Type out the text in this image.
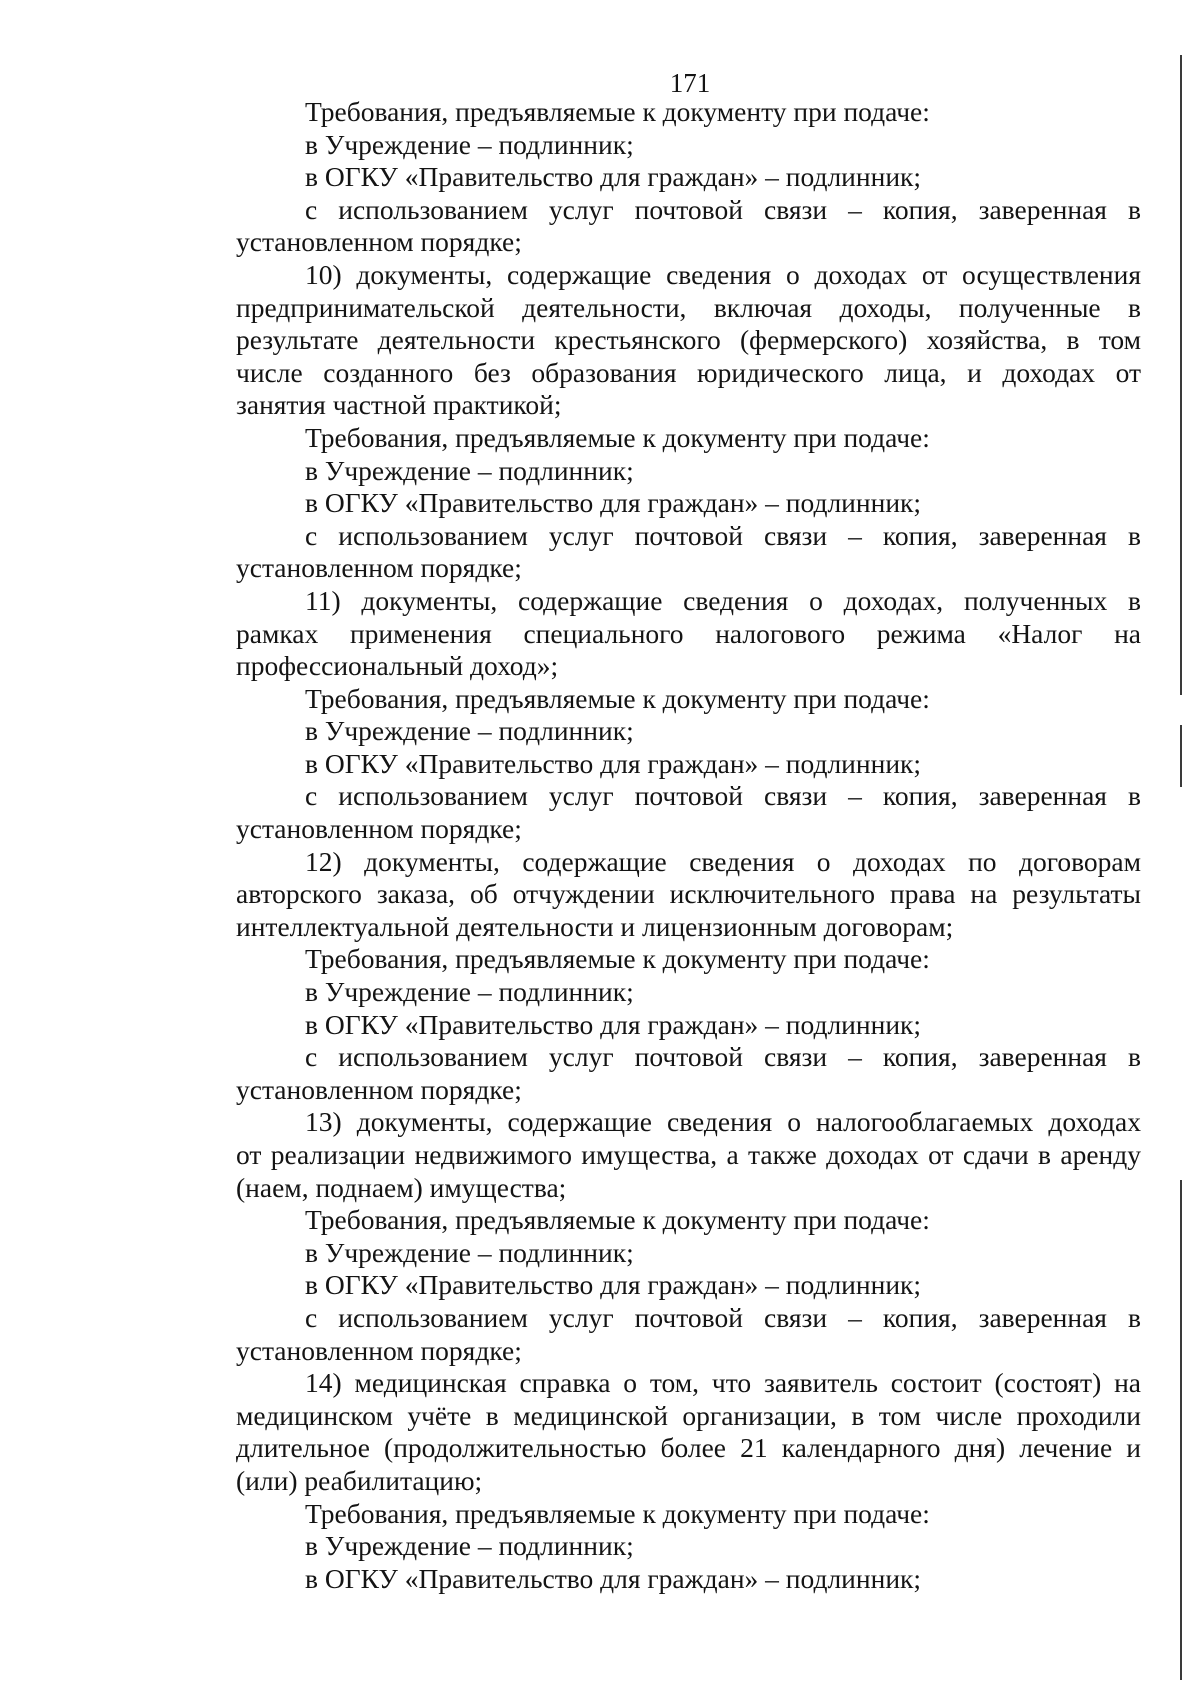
171
Требования, предъявляемые к документу при подаче:
в Учреждение – подлинник;
в ОГКУ «Правительство для граждан» – подлинник;
с использованием услуг почтовой связи – копия, заверенная в
установленном порядке;
10) документы, содержащие сведения о доходах от осуществления
предпринимательской деятельности, включая доходы, полученные в
результате деятельности крестьянского (фермерского) хозяйства, в том
числе созданного без образования юридического лица, и доходах от
занятия частной практикой;
Требования, предъявляемые к документу при подаче:
в Учреждение – подлинник;
в ОГКУ «Правительство для граждан» – подлинник;
с использованием услуг почтовой связи – копия, заверенная в
установленном порядке;
11) документы, содержащие сведения о доходах, полученных в
рамках применения специального налогового режима «Налог на
профессиональный доход»;
Требования, предъявляемые к документу при подаче:
в Учреждение – подлинник;
в ОГКУ «Правительство для граждан» – подлинник;
с использованием услуг почтовой связи – копия, заверенная в
установленном порядке;
12) документы, содержащие сведения о доходах по договорам
авторского заказа, об отчуждении исключительного права на результаты
интеллектуальной деятельности и лицензионным договорам;
Требования, предъявляемые к документу при подаче:
в Учреждение – подлинник;
в ОГКУ «Правительство для граждан» – подлинник;
с использованием услуг почтовой связи – копия, заверенная в
установленном порядке;
13) документы, содержащие сведения о налогооблагаемых доходах
от реализации недвижимого имущества, а также доходах от сдачи в аренду
(наем, поднаем) имущества;
Требования, предъявляемые к документу при подаче:
в Учреждение – подлинник;
в ОГКУ «Правительство для граждан» – подлинник;
с использованием услуг почтовой связи – копия, заверенная в
установленном порядке;
14) медицинская справка о том, что заявитель состоит (состоят) на
медицинском учёте в медицинской организации, в том числе проходили
длительное (продолжительностью более 21 календарного дня) лечение и
(или) реабилитацию;
Требования, предъявляемые к документу при подаче:
в Учреждение – подлинник;
в ОГКУ «Правительство для граждан» – подлинник;
